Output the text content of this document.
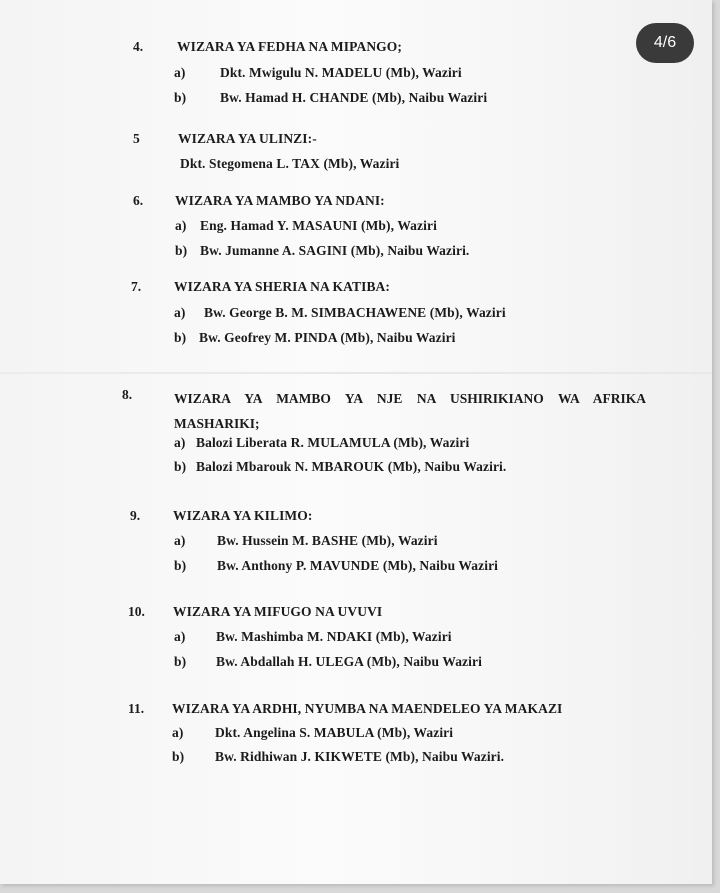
4.	WIZARA YA FEDHA NA MIPANGO;
a)	Dkt. Mwigulu N. MADELU (Mb), Waziri
b)	Bw. Hamad H. CHANDE (Mb), Naibu Waziri
5	WIZARA YA ULINZI:-
Dkt. Stegomena L. TAX (Mb), Waziri
6. WIZARA YA MAMBO YA NDANI:
a) Eng. Hamad Y. MASAUNI (Mb), Waziri
b) Bw. Jumanne A. SAGINI (Mb), Naibu Waziri.
7. WIZARA YA SHERIA NA KATIBA:
a) Bw. George B. M. SIMBACHAWENE (Mb), Waziri
b) Bw. Geofrey M. PINDA (Mb), Naibu Waziri
8.	WIZARA YA MAMBO YA NJE NA USHIRIKIANO WA AFRIKA MASHARIKI;
a) Balozi Liberata R. MULAMULA (Mb), Waziri
b) Balozi Mbarouk N. MBAROUK (Mb), Naibu Waziri.
9. WIZARA YA KILIMO:
a) Bw. Hussein M. BASHE (Mb), Waziri
b) Bw. Anthony P. MAVUNDE (Mb), Naibu Waziri
10. WIZARA YA MIFUGO NA UVUVI
a) Bw. Mashimba M. NDAKI (Mb), Waziri
b) Bw. Abdallah H. ULEGA (Mb), Naibu Waziri
11. WIZARA YA ARDHI, NYUMBA NA MAENDELEO YA MAKAZI
a) Dkt. Angelina S. MABULA (Mb), Waziri
b) Bw. Ridhiwan J. KIKWETE (Mb), Naibu Waziri.
4/6
